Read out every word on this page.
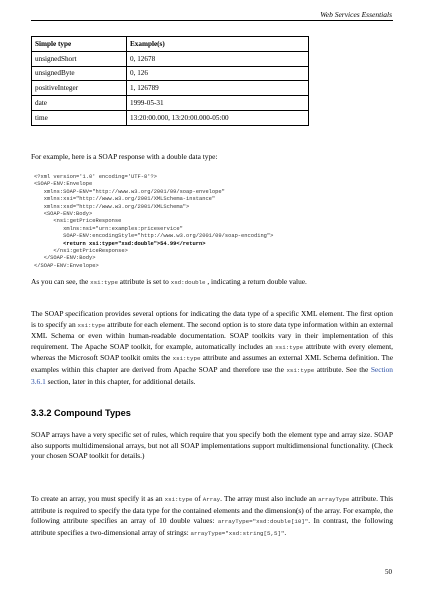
Web Services Essentials
Simple type	Example(s)
unsignedShort	0, 12678
unsignedByte	0, 126
positiveInteger	1, 126789
date	1999-05-31
time	13:20:00.000, 13:20:00.000-05:00

For example, here is a SOAP response with a double data type:

<?xml version='1.0' encoding='UTF-8'?>
<SOAP-ENV:Envelope
xmlns:SOAP-ENV="http://www.w3.org/2001/09/soap-envelope"
xmlns:xsi="http://www.w3.org/2001/XMLSchema-instance"
xmlns:xsd="http://www.w3.org/2001/XMLSchema">
<SOAP-ENV:Body>
<ns1:getPriceResponse
xmlns:ns1="urn:examples:priceservice"
SOAP-ENV:encodingStyle="http://www.w3.org/2001/09/soap-encoding">
<return xsi:type="xsd:double">54.99</return>
</ns1:getPriceResponse>
</SOAP-ENV:Body>
</SOAP-ENV:Envelope>

As you can see, the xsi:type attribute is set to xsd:double , indicating a return double value.

The SOAP specification provides several options for indicating the data type of a specific XML element. The first option is to specify an xsi:type attribute for each element. The second option is to store data type information within an external XML Schema or even within human-readable documentation. SOAP toolkits vary in their implementation of this requirement. The Apache SOAP toolkit, for example, automatically includes an xsi:type attribute with every element, whereas the Microsoft SOAP toolkit omits the xsi:type attribute and assumes an external XML Schema definition. The examples within this chapter are derived from Apache SOAP and therefore use the xsi:type attribute. See the Section 3.6.1 section, later in this chapter, for additional details.

3.3.2 Compound Types

SOAP arrays have a very specific set of rules, which require that you specify both the element type and array size. SOAP also supports multidimensional arrays, but not all SOAP implementations support multidimensional functionality. (Check your chosen SOAP toolkit for details.)

To create an array, you must specify it as an xsi:type of Array. The array must also include an arrayType attribute. This attribute is required to specify the data type for the contained elements and the dimension(s) of the array. For example, the following attribute specifies an array of 10 double values: arrayType="xsd:double[10]". In contrast, the following attribute specifies a two-dimensional array of strings: arrayType="xsd:string[5,5]".

50
